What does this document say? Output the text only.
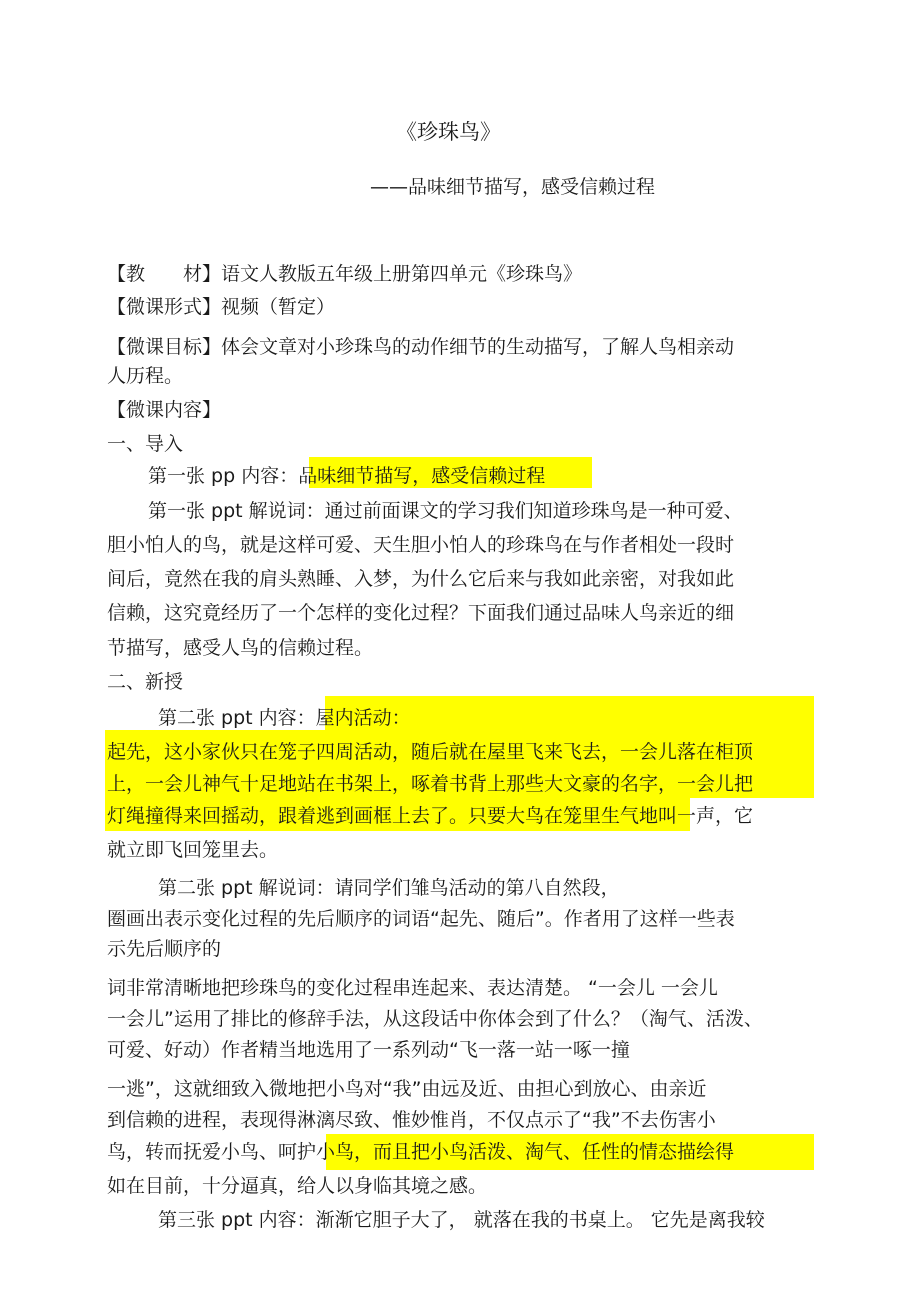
《珍珠鸟》
——品味细节描写，感受信赖过程
【教　　材】语文人教版五年级上册第四单元《珍珠鸟》
【微课形式】视频（暂定）
【微课目标】体会文章对小珍珠鸟的动作细节的生动描写，了解人鸟相亲动
人历程。
【微课内容】
一、导入
第一张 pp 内容：品味细节描写，感受信赖过程
第一张 ppt 解说词：通过前面课文的学习我们知道珍珠鸟是一种可爱、
胆小怕人的鸟，就是这样可爱、天生胆小怕人的珍珠鸟在与作者相处一段时
间后，竟然在我的肩头熟睡、入梦，为什么它后来与我如此亲密，对我如此
信赖，这究竟经历了一个怎样的变化过程？下面我们通过品味人鸟亲近的细
节描写，感受人鸟的信赖过程。
二、新授
第二张 ppt 内容：屋内活动：
起先，这小家伙只在笼子四周活动，随后就在屋里飞来飞去，一会儿落在柜顶
上，一会儿神气十足地站在书架上，啄着书背上那些大文豪的名字，一会儿把
灯绳撞得来回摇动，跟着逃到画框上去了。只要大鸟在笼里生气地叫一声，它
就立即飞回笼里去。
第二张 ppt 解说词：请同学们雏鸟活动的第八自然段，
圈画出表示变化过程的先后顺序的词语“起先、随后”。作者用了这样一些表
示先后顺序的
词非常清晰地把珍珠鸟的变化过程串连起来、表达清楚。 “一会儿 一会儿
一会儿”运用了排比的修辞手法，从这段话中你体会到了什么？（淘气、活泼、
可爱、好动）作者精当地选用了一系列动“飞一落一站一啄一撞
一逃”，这就细致入微地把小鸟对“我”由远及近、由担心到放心、由亲近
到信赖的进程，表现得淋漓尽致、惟妙惟肖，不仅点示了“我”不去伤害小
鸟，转而抚爱小鸟、呵护小鸟，而且把小鸟活泼、淘气、任性的情态描绘得
如在目前，十分逼真，给人以身临其境之感。
第三张 ppt 内容：渐渐它胆子大了， 就落在我的书桌上。 它先是离我较
